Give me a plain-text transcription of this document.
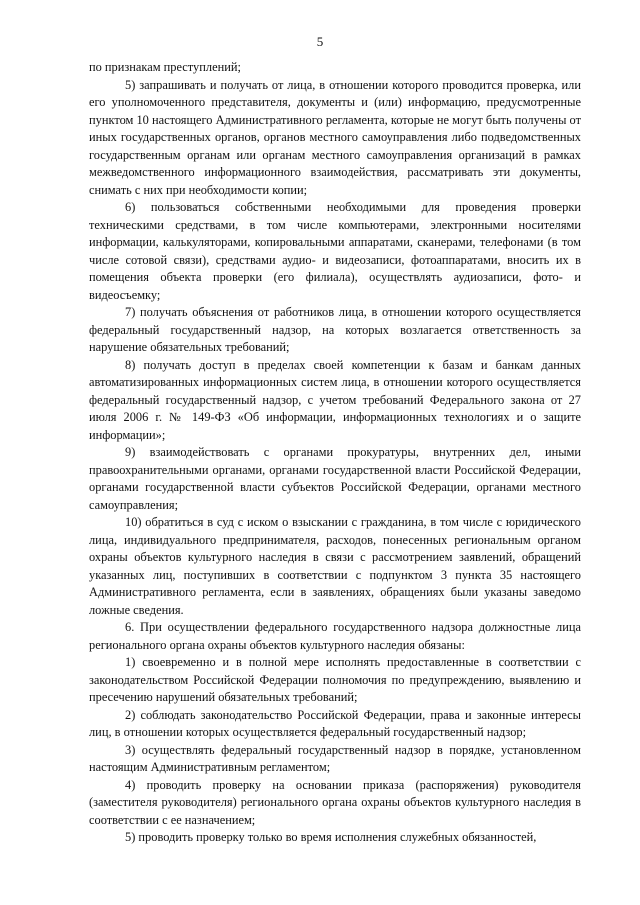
5

по признакам преступлений;

5) запрашивать и получать от лица, в отношении которого проводится проверка, или его уполномоченного представителя, документы и (или) информацию, предусмотренные пунктом 10 настоящего Административного регламента, которые не могут быть получены от иных государственных органов, органов местного самоуправления либо подведомственных государственным органам или органам местного самоуправления организаций в рамках межведомственного информационного взаимодействия, рассматривать эти документы, снимать с них при необходимости копии;

6) пользоваться собственными необходимыми для проведения проверки техническими средствами, в том числе компьютерами, электронными носителями информации, калькуляторами, копировальными аппаратами, сканерами, телефонами (в том числе сотовой связи), средствами аудио- и видеозаписи, фотоаппаратами, вносить их в помещения объекта проверки (его филиала), осуществлять аудиозаписи, фото- и видеосъемку;

7) получать объяснения от работников лица, в отношении которого осуществляется федеральный государственный надзор, на которых возлагается ответственность за нарушение обязательных требований;

8) получать доступ в пределах своей компетенции к базам и банкам данных автоматизированных информационных систем лица, в отношении которого осуществляется федеральный государственный надзор, с учетом требований Федерального закона от 27 июля 2006 г. № 149-ФЗ «Об информации, информационных технологиях и о защите информации»;

9) взаимодействовать с органами прокуратуры, внутренних дел, иными правоохранительными органами, органами государственной власти Российской Федерации, органами государственной власти субъектов Российской Федерации, органами местного самоуправления;

10) обратиться в суд с иском о взыскании с гражданина, в том числе с юридического лица, индивидуального предпринимателя, расходов, понесенных региональным органом охраны объектов культурного наследия в связи с рассмотрением заявлений, обращений указанных лиц, поступивших в соответствии с подпунктом 3 пункта 35 настоящего Административного регламента, если в заявлениях, обращениях были указаны заведомо ложные сведения.

6. При осуществлении федерального государственного надзора должностные лица регионального органа охраны объектов культурного наследия обязаны:

1) своевременно и в полной мере исполнять предоставленные в соответствии с законодательством Российской Федерации полномочия по предупреждению, выявлению и пресечению нарушений обязательных требований;

2) соблюдать законодательство Российской Федерации, права и законные интересы лиц, в отношении которых осуществляется федеральный государственный надзор;

3) осуществлять федеральный государственный надзор в порядке, установленном настоящим Административным регламентом;

4) проводить проверку на основании приказа (распоряжения) руководителя (заместителя руководителя) регионального органа охраны объектов культурного наследия в соответствии с ее назначением;

5) проводить проверку только во время исполнения служебных обязанностей,
